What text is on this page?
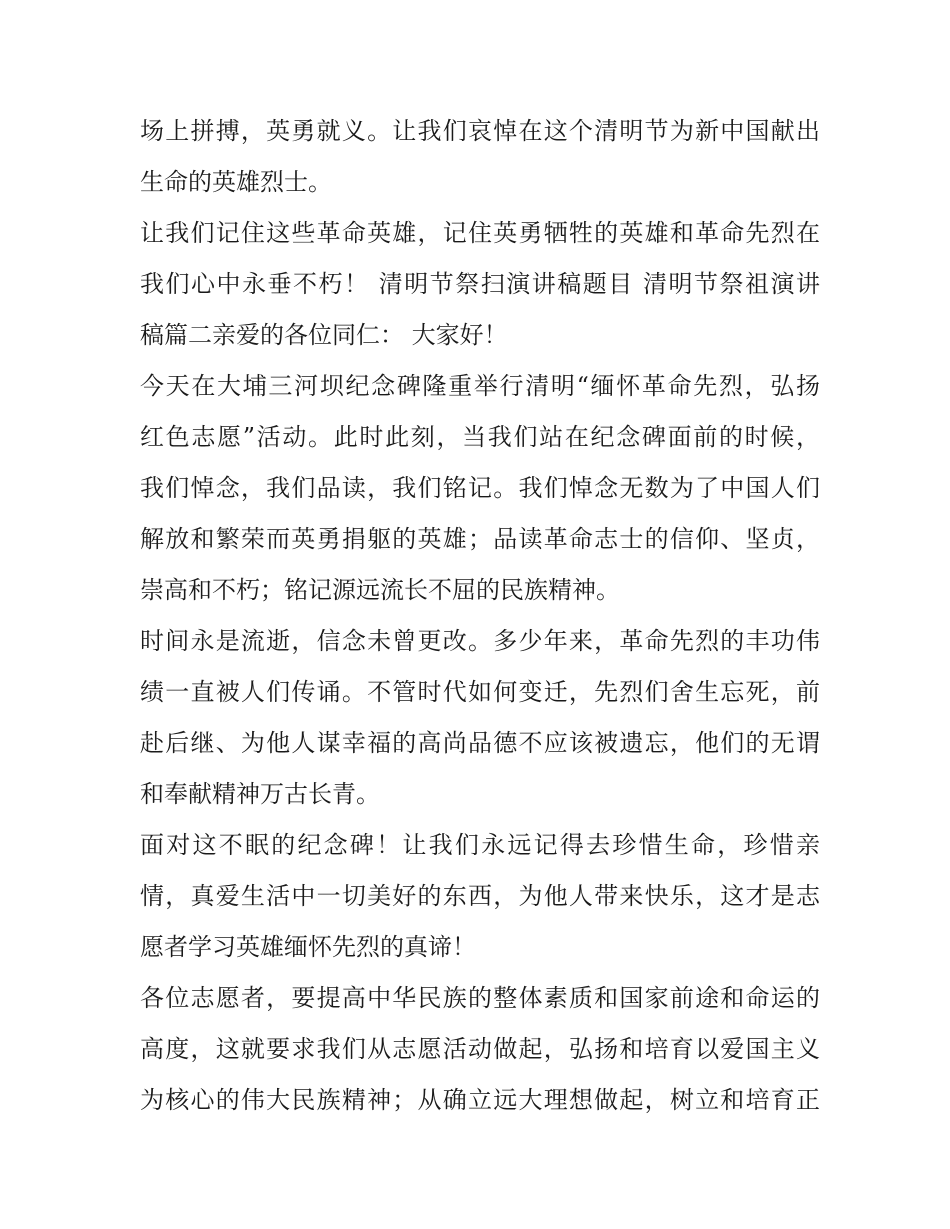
场上拼搏，英勇就义。让我们哀悼在这个清明节为新中国献出
生命的英雄烈士。
让我们记住这些革命英雄，记住英勇牺牲的英雄和革命先烈在
我们心中永垂不朽！ 清明节祭扫演讲稿题目 清明节祭祖演讲
稿篇二亲爱的各位同仁： 大家好！
今天在大埔三河坝纪念碑隆重举行清明“缅怀革命先烈，弘扬
红色志愿”活动。此时此刻，当我们站在纪念碑面前的时候，
我们悼念，我们品读，我们铭记。我们悼念无数为了中国人们
解放和繁荣而英勇捐躯的英雄；品读革命志士的信仰、坚贞，
崇高和不朽；铭记源远流长不屈的民族精神。
时间永是流逝，信念未曾更改。多少年来，革命先烈的丰功伟
绩一直被人们传诵。不管时代如何变迁，先烈们舍生忘死，前
赴后继、为他人谋幸福的高尚品德不应该被遗忘，他们的无谓
和奉献精神万古长青。
面对这不眠的纪念碑！让我们永远记得去珍惜生命，珍惜亲
情，真爱生活中一切美好的东西，为他人带来快乐，这才是志
愿者学习英雄缅怀先烈的真谛！
各位志愿者，要提高中华民族的整体素质和国家前途和命运的
高度，这就要求我们从志愿活动做起，弘扬和培育以爱国主义
为核心的伟大民族精神；从确立远大理想做起，树立和培育正
